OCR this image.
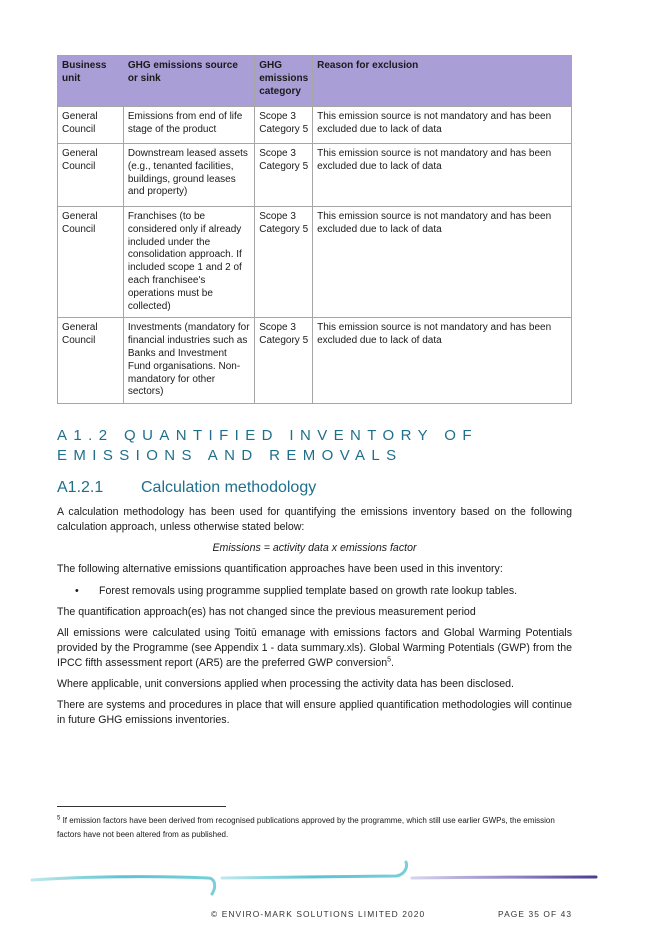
Business unit	GHG emissions source or sink	GHG emissions category	Reason for exclusion
General Council	Emissions from end of life stage of the product	Scope 3 Category 5	This emission source is not mandatory and has been excluded due to lack of data
General Council	Downstream leased assets (e.g., tenanted facilities, buildings, ground leases and property)	Scope 3 Category 5	This emission source is not mandatory and has been excluded due to lack of data
General Council	Franchises (to be considered only if already included under the consolidation approach. If included scope 1 and 2 of each franchisee's operations must be collected)	Scope 3 Category 5	This emission source is not mandatory and has been excluded due to lack of data
General Council	Investments (mandatory for financial industries such as Banks and Investment Fund organisations. Non-mandatory for other sectors)	Scope 3 Category 5	This emission source is not mandatory and has been excluded due to lack of data
A1.2 QUANTIFIED INVENTORY OF EMISSIONS AND REMOVALS
A1.2.1 Calculation methodology
A calculation methodology has been used for quantifying the emissions inventory based on the following calculation approach, unless otherwise stated below:
Emissions = activity data x emissions factor
The following alternative emissions quantification approaches have been used in this inventory:
• Forest removals using programme supplied template based on growth rate lookup tables.
The quantification approach(es) has not changed since the previous measurement period
All emissions were calculated using Toitū emanage with emissions factors and Global Warming Potentials provided by the Programme (see Appendix 1 - data summary.xls). Global Warming Potentials (GWP) from the IPCC fifth assessment report (AR5) are the preferred GWP conversion$^5$.
Where applicable, unit conversions applied when processing the activity data has been disclosed.
There are systems and procedures in place that will ensure applied quantification methodologies will continue in future GHG emissions inventories.
$^5$ If emission factors have been derived from recognised publications approved by the programme, which still use earlier GWPs, the emission factors have not been altered from as published.
© ENVIRO-MARK SOLUTIONS LIMITED 2020	PAGE 35 OF 43
